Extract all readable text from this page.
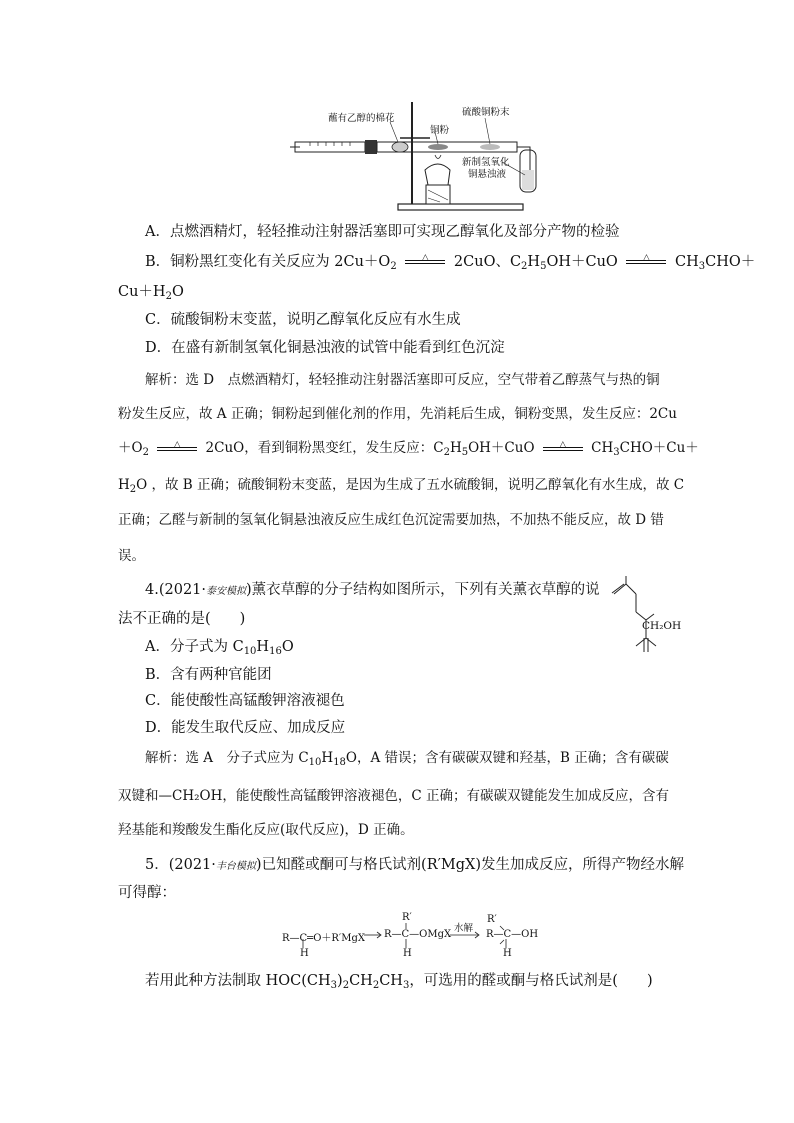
蘸有乙醇的棉花
铜粉
硫酸铜粉末
新制氢氧化
铜悬浊液
A．点燃酒精灯，轻轻推动注射器活塞即可实现乙醇氧化及部分产物的检验
B．铜粉黑红变化有关反应为 $2Cu+O_2$
△	2CuO、$C_2H_5OH+CuO$	△	$CH_3CHO+$
$Cu+H_2O$
C．硫酸铜粉末变蓝，说明乙醇氧化反应有水生成
D．在盛有新制氢氧化铜悬浊液的试管中能看到红色沉淀
解析：选 D　点燃酒精灯，轻轻推动注射器活塞即可反应，空气带着乙醇蒸气与热的铜
粉发生反应，故 A 正确；铜粉起到催化剂的作用，先消耗后生成，铜粉变黑，发生反应：2Cu
$+O_2$
△	2CuO，看到铜粉黑变红，发生反应：$C_2H_5OH+CuO$	△	$CH_3CHO+Cu+$
$H_2O$ ，故 B 正确；硫酸铜粉末变蓝，是因为生成了五水硫酸铜，说明乙醇氧化有水生成，故 C
正确；乙醛与新制的氢氧化铜悬浊液反应生成红色沉淀需要加热，不加热不能反应，故 D 错
误。
4.(2021·泰安模拟)薰衣草醇的分子结构如图所示，下列有关薰衣草醇的说
法不正确的是(　　)	CH₂OH
A．分子式为 $C_{10}H_{16}O$
B．含有两种官能团
C．能使酸性高锰酸钾溶液褪色
D．能发生取代反应、加成反应
解析：选 A　分子式应为 $C_{10}H_{18}O$，A 错误；含有碳碳双键和羟基，B 正确；含有碳碳
双键和—CH₂OH，能使酸性高锰酸钾溶液褪色，C 正确；有碳碳双键能发生加成反应，含有
羟基能和羧酸发生酯化反应(取代反应)，D 正确。
5．(2021·丰台模拟)已知醛或酮可与格氏试剂(R′MgX)发生加成反应，所得产物经水解
可得醇：
R—C═O＋R′MgX
H
R′
R—C—OMgX
H
水解
R′
R—C—OH
H
若用此种方法制取 $HOC(CH_3)_2CH_2CH_3$，可选用的醛或酮与格氏试剂是(　　)
